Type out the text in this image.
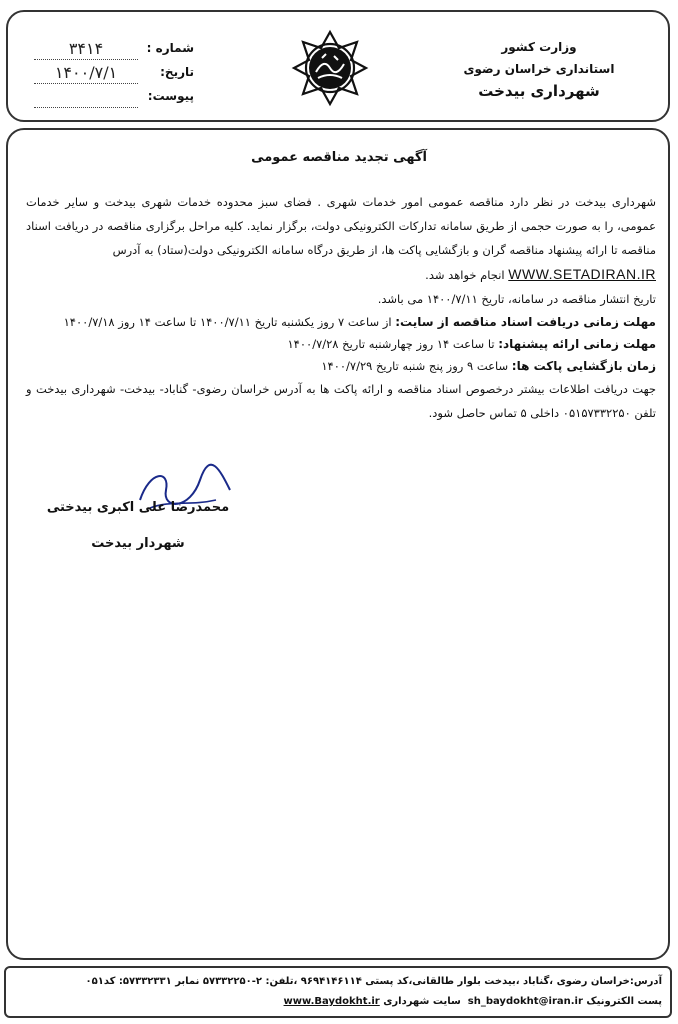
وزارت کشور
استانداری خراسان رضوی
شهرداری بیدخت
شماره :
۳۴۱۴
تاریخ:
۱۴۰۰/۷/۱
پیوست:
آگهی تجدید مناقصه عمومی

شهرداری بیدخت در نظر دارد مناقصه عمومی امور خدمات شهری . فضای سبز محدوده خدمات شهری بیدخت و سایر خدمات عمومی، را به صورت حجمی از طریق سامانه تدارکات الکترونیکی دولت، برگزار نماید. کلیه مراحل برگزاری مناقصه در دریافت اسناد مناقصه تا ارائه پیشنهاد مناقصه گران و بازگشایی پاکت ها، از طریق درگاه سامانه الکترونیکی دولت(ستاد) به آدرس
WWW.SETADIRAN.IR انجام خواهد شد.

تاریخ انتشار مناقصه در سامانه، تاریخ ۱۴۰۰/۷/۱۱ می باشد.

مهلت زمانی دریافت اسناد مناقصه از سایت: از ساعت ۷ روز یکشنبه تاریخ ۱۴۰۰/۷/۱۱ تا ساعت ۱۴ روز ۱۴۰۰/۷/۱۸

مهلت زمانی ارائه پیشنهاد: تا ساعت ۱۴ روز چهارشنبه تاریخ ۱۴۰۰/۷/۲۸

زمان بازگشایی پاکت ها: ساعت ۹ روز پنج شنبه تاریخ ۱۴۰۰/۷/۲۹

جهت دریافت اطلاعات بیشتر درخصوص اسناد مناقصه و ارائه پاکت ها به آدرس خراسان رضوی- گناباد- بیدخت- شهرداری بیدخت و تلفن ۰۵۱۵۷۳۳۲۲۵۰ داخلی ۵ تماس حاصل شود.

محمدرضا علی اکبری بیدختی
شهردار بیدخت
آدرس:خراسان رضوی ،گناباد ،بیدخت بلوار طالقانی،کد پستی ۹۶۹۴۱۴۶۱۱۴ ،تلفن: ۲-۵۷۳۳۲۲۵۰ نمابر ۵۷۳۳۲۳۳۱: کد۰۵۱
پست الکترونیک sh_baydokht@iran.ir  سایت شهرداری www.Baydokht.ir
